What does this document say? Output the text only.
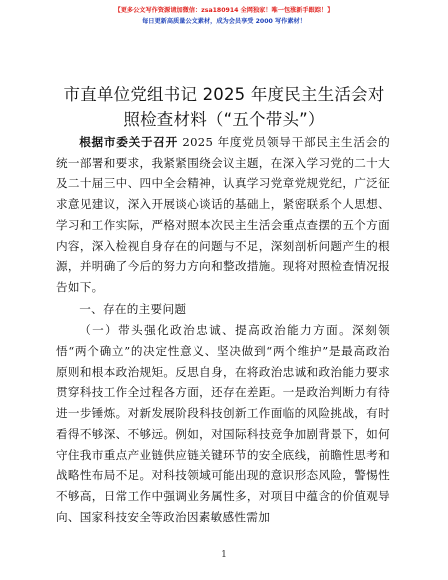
【更多公文写作资源请加微信：zsa180914 全网独家！唯一包涨新手跟踪！】
每日更新高质量公文素材，成为会员享受 2000 写作素材！
市直单位党组书记 2025 年度民主生活会对照检查材料（“五个带头”）

根据市委关于召开 2025 年度党员领导干部民主生活会的统一部署和要求，我紧紧围绕会议主题，在深入学习党的二十大及二十届三中、四中全会精神，认真学习党章党规党纪，广泛征求意见建议，深入开展谈心谈话的基础上，紧密联系个人思想、学习和工作实际，严格对照本次民主生活会重点查摆的五个方面内容，深入检视自身存在的问题与不足，深刻剖析问题产生的根源，并明确了今后的努力方向和整改措施。现将对照检查情况报告如下。

一、存在的主要问题

（一）带头强化政治忠诚、提高政治能力方面。深刻领悟“两个确立”的决定性意义、坚决做到“两个维护”是最高政治原则和根本政治规矩。反思自身，在将政治忠诚和政治能力要求贯穿科技工作全过程各方面，还存在差距。一是政治判断力有待进一步锤炼。对新发展阶段科技创新工作面临的风险挑战，有时看得不够深、不够远。例如，对国际科技竞争加剧背景下，如何守住我市重点产业链供应链关键环节的安全底线，前瞻性思考和战略性布局不足。对科技领域可能出现的意识形态风险，警惕性不够高，日常工作中强调业务属性多，对项目中蕴含的价值观导向、国家科技安全等政治因素敏感性需加

1
